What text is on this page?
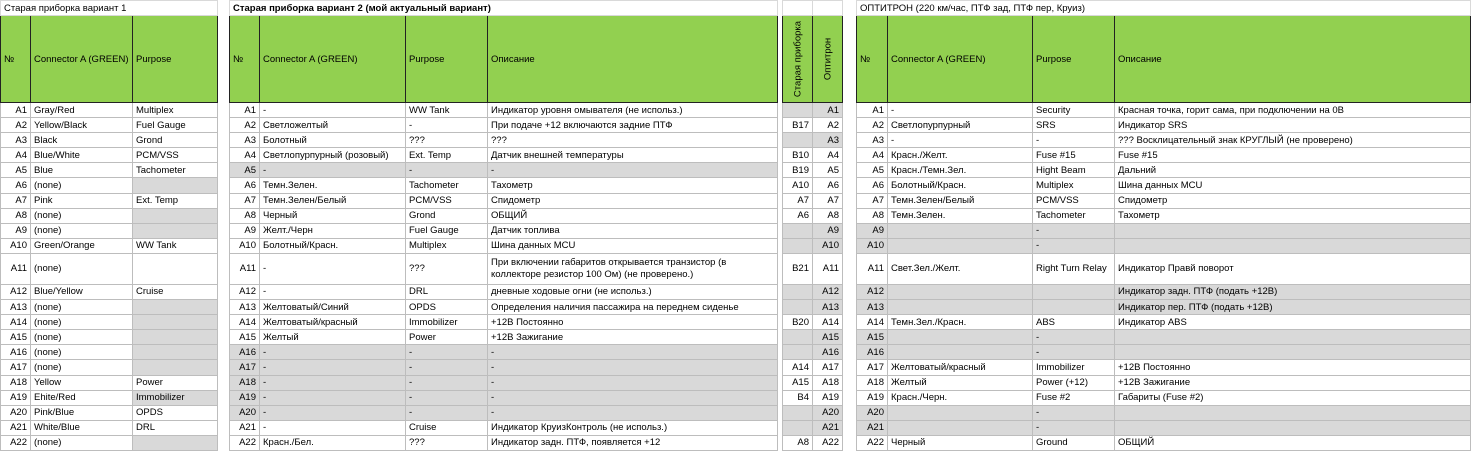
Старая приборка вариант 1		
№	Connector A (GREEN)	Purpose
A1	Gray/Red	Multiplex
A2	Yellow/Black	Fuel Gauge
A3	Black	Grond
A4	Blue/White	PCM/VSS
A5	Blue	Tachometer
A6	(none)	
A7	Pink	Ext. Temp
A8	(none)	
A9	(none)	
A10	Green/Orange	WW Tank
A11	(none)	
A12	Blue/Yellow	Cruise
A13	(none)	
A14	(none)	
A15	(none)	
A16	(none)	
A17	(none)	
A18	Yellow	Power
A19	Ehite/Red	Immobilizer
A20	Pink/Blue	OPDS
A21	White/Blue	DRL
A22	(none)	
Старая приборка вариант 2 (мой актуальный вариант)			
№	Connector A (GREEN)	Purpose	Описание
A1	-	WW Tank	Индикатор уровня омывателя (не использ.)
A2	Светложелтый	-	При подаче +12 включаются задние ПТФ
A3	Болотный	???	???
A4	Светлопурпурный (розовый)	Ext. Temp	Датчик внешней температуры
A5	-	-	-
A6	Темн.Зелен.	Tachometer	Тахометр
A7	Темн.Зелен/Белый	PCM/VSS	Спидометр
A8	Черный	Grond	ОБЩИЙ
A9	Желт./Черн	Fuel Gauge	Датчик топлива
A10	Болотный/Красн.	Multiplex	Шина данных MCU
A11	-	???	При включении габаритов открывается транзистор (в коллекторе резистор 100 Ом) (не проверено.)
A12	-	DRL	дневные ходовые огни (не использ.)
A13	Желтоватый/Синий	OPDS	Определения наличия пассажира на переднем сиденье
A14	Желтоватый/красный	Immobilizer	+12В Постоянно
A15	Желтый	Power	+12В Зажигание
A16	-	-	-
A17	-	-	-
A18	-	-	-
A19	-	-	-
A20	-	-	-
A21	-	Cruise	Индикатор КруизКонтроль (не использ.)
A22	Красн./Бел.	???	Индикатор задн. ПТФ, появляется +12

Старая приборка	Оптитрон

	A1
B17	A2
	A3
B10	A4
B19	A5
A10	A6
A7	A7
A6	A8
	A9
	A10
B21	A11
	A12
	A13
B20	A14
	A15
	A16
A14	A17
A15	A18
B4	A19
	A20
	A21
A8	A22
ОПТИТРОН (220 км/час, ПТФ зад, ПТФ пер, Круиз)			
№	Connector A (GREEN)	Purpose	Описание
A1	-	Security	Красная точка, горит сама, при подключении на 0В
A2	Светлопурпурный	SRS	Индикатор SRS
A3	-	-	??? Восклицательный знак КРУГЛЫЙ (не проверено)
A4	Красн./Желт.	Fuse #15	Fuse #15
A5	Красн./Темн.Зел.	Hight Beam	Дальний
A6	Болотный/Красн.	Multiplex	Шина данных MCU
A7	Темн.Зелен/Белый	PCM/VSS	Спидометр
A8	Темн.Зелен.	Tachometer	Тахометр
A9		-	
A10		-	
A11	Свет.Зел./Желт.	Right Turn Relay	Индикатор Правй поворот
A12			Индикатор задн. ПТФ (подать +12В)
A13			Индикатор пер. ПТФ (подать +12В)
A14	Темн.Зел./Красн.	ABS	Индикатор ABS
A15		-	
A16		-	
A17	Желтоватый/красный	Immobilizer	+12В Постоянно
A18	Желтый	Power (+12)	+12В Зажигание
A19	Красн./Черн.	Fuse #2	Габариты (Fuse #2)
A20		-	
A21		-	
A22	Черный	Ground	ОБЩИЙ
